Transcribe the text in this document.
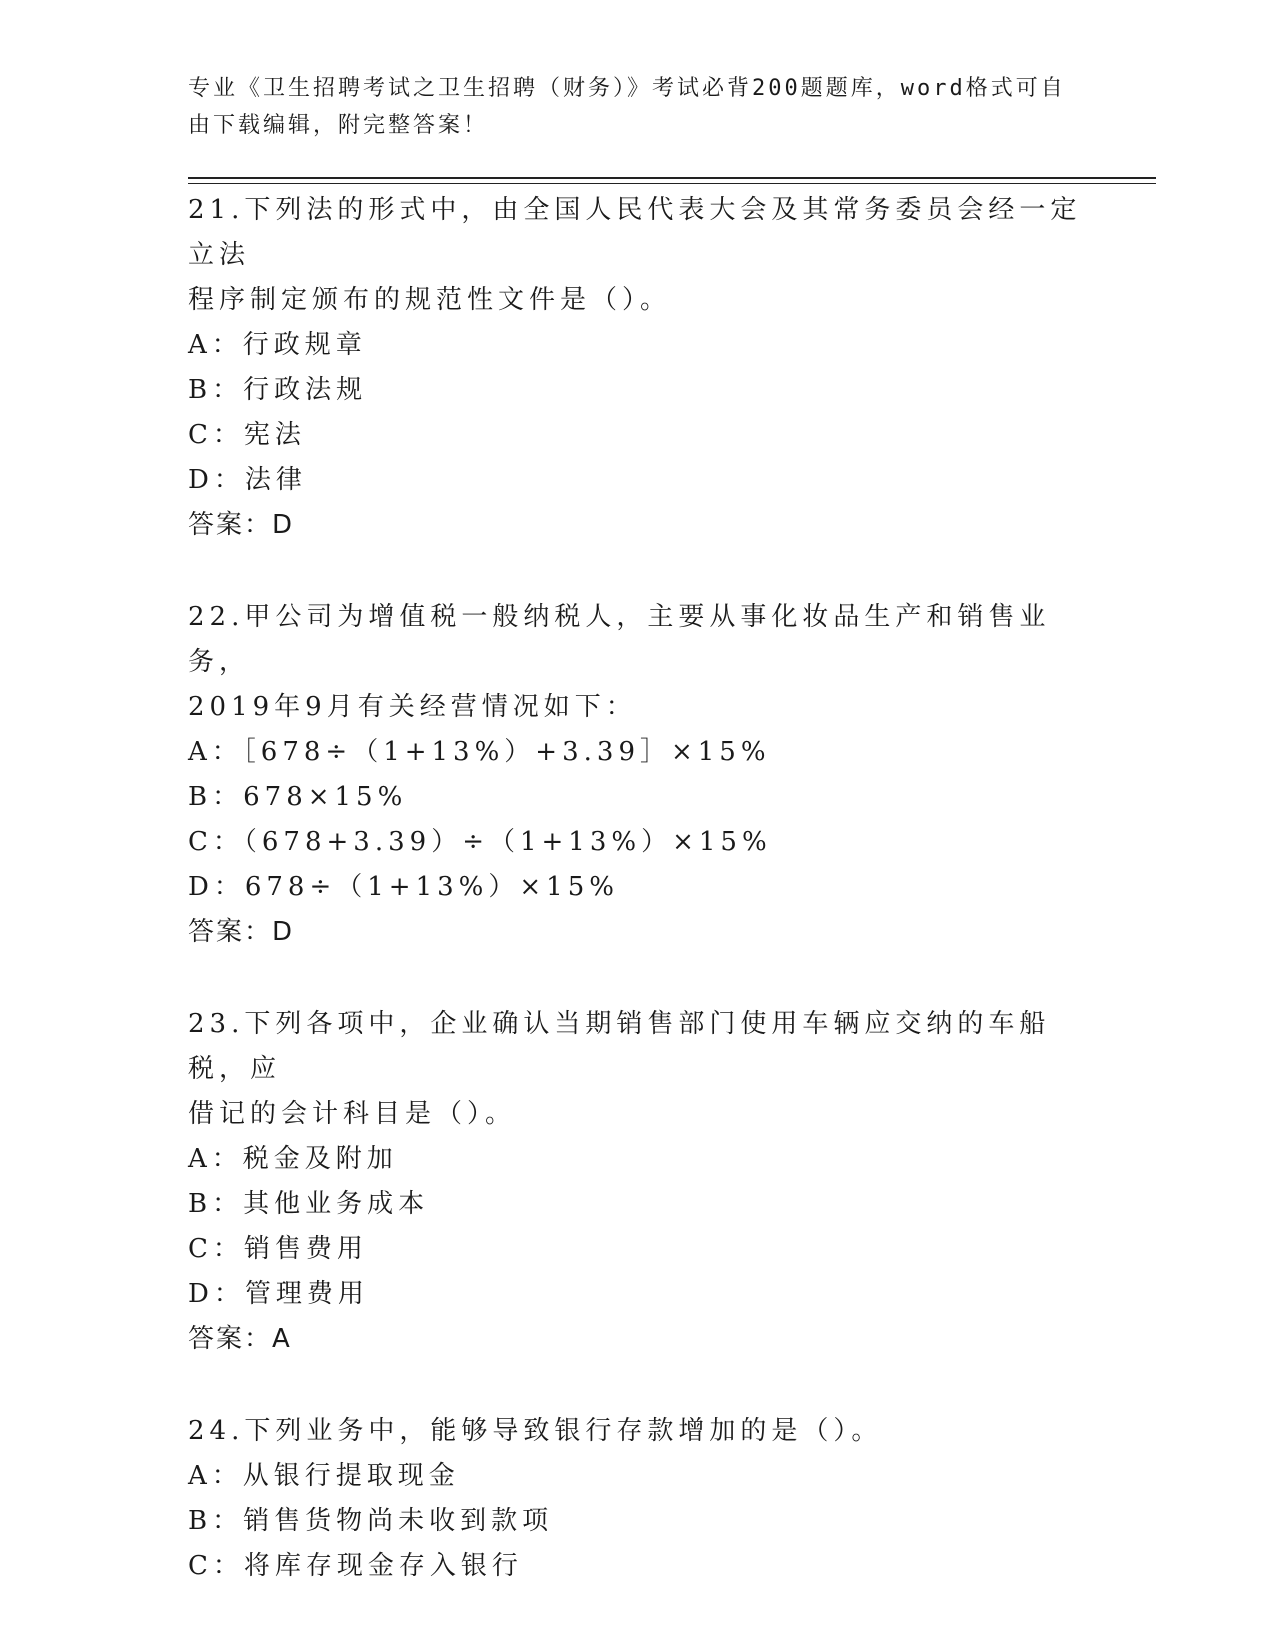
专业《卫生招聘考试之卫生招聘（财务）》考试必背200题题库，word格式可自
由下载编辑，附完整答案！
21.下列法的形式中，由全国人民代表大会及其常务委员会经一定立法
程序制定颁布的规范性文件是（）。
A：行政规章
B：行政法规
C：宪法
D：法律
答案：D
22.甲公司为增值税一般纳税人，主要从事化妆品生产和销售业务，
2019年9月有关经营情况如下：
A：［678÷（1+13%）+3.39］×15%
B：678×15%
C：（678+3.39）÷（1+13%）×15%
D：678÷（1+13%）×15%
答案：D
23.下列各项中，企业确认当期销售部门使用车辆应交纳的车船税，应
借记的会计科目是（）。
A：税金及附加
B：其他业务成本
C：销售费用
D：管理费用
答案：A
24.下列业务中，能够导致银行存款增加的是（）。
A：从银行提取现金
B：销售货物尚未收到款项
C：将库存现金存入银行
